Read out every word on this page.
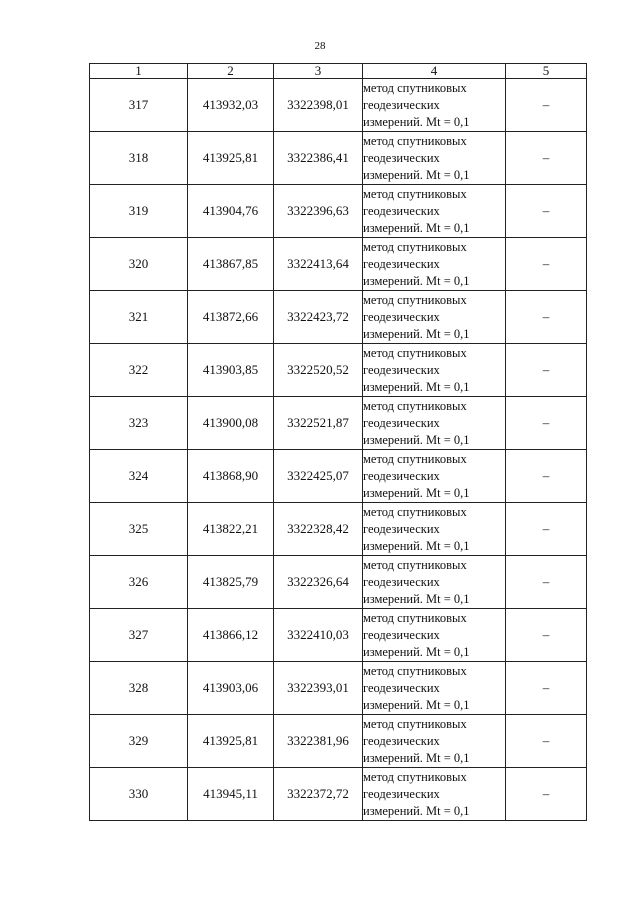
28
1	2	3	4	5
317	413932,03	3322398,01	метод спутниковых
геодезических
измерений. Mt = 0,1	–
318	413925,81	3322386,41	метод спутниковых
геодезических
измерений. Mt = 0,1	–
319	413904,76	3322396,63	метод спутниковых
геодезических
измерений. Mt = 0,1	–
320	413867,85	3322413,64	метод спутниковых
геодезических
измерений. Mt = 0,1	–
321	413872,66	3322423,72	метод спутниковых
геодезических
измерений. Mt = 0,1	–
322	413903,85	3322520,52	метод спутниковых
геодезических
измерений. Mt = 0,1	–
323	413900,08	3322521,87	метод спутниковых
геодезических
измерений. Mt = 0,1	–
324	413868,90	3322425,07	метод спутниковых
геодезических
измерений. Mt = 0,1	–
325	413822,21	3322328,42	метод спутниковых
геодезических
измерений. Mt = 0,1	–
326	413825,79	3322326,64	метод спутниковых
геодезических
измерений. Mt = 0,1	–
327	413866,12	3322410,03	метод спутниковых
геодезических
измерений. Mt = 0,1	–
328	413903,06	3322393,01	метод спутниковых
геодезических
измерений. Mt = 0,1	–
329	413925,81	3322381,96	метод спутниковых
геодезических
измерений. Mt = 0,1	–
330	413945,11	3322372,72	метод спутниковых
геодезических
измерений. Mt = 0,1	–
